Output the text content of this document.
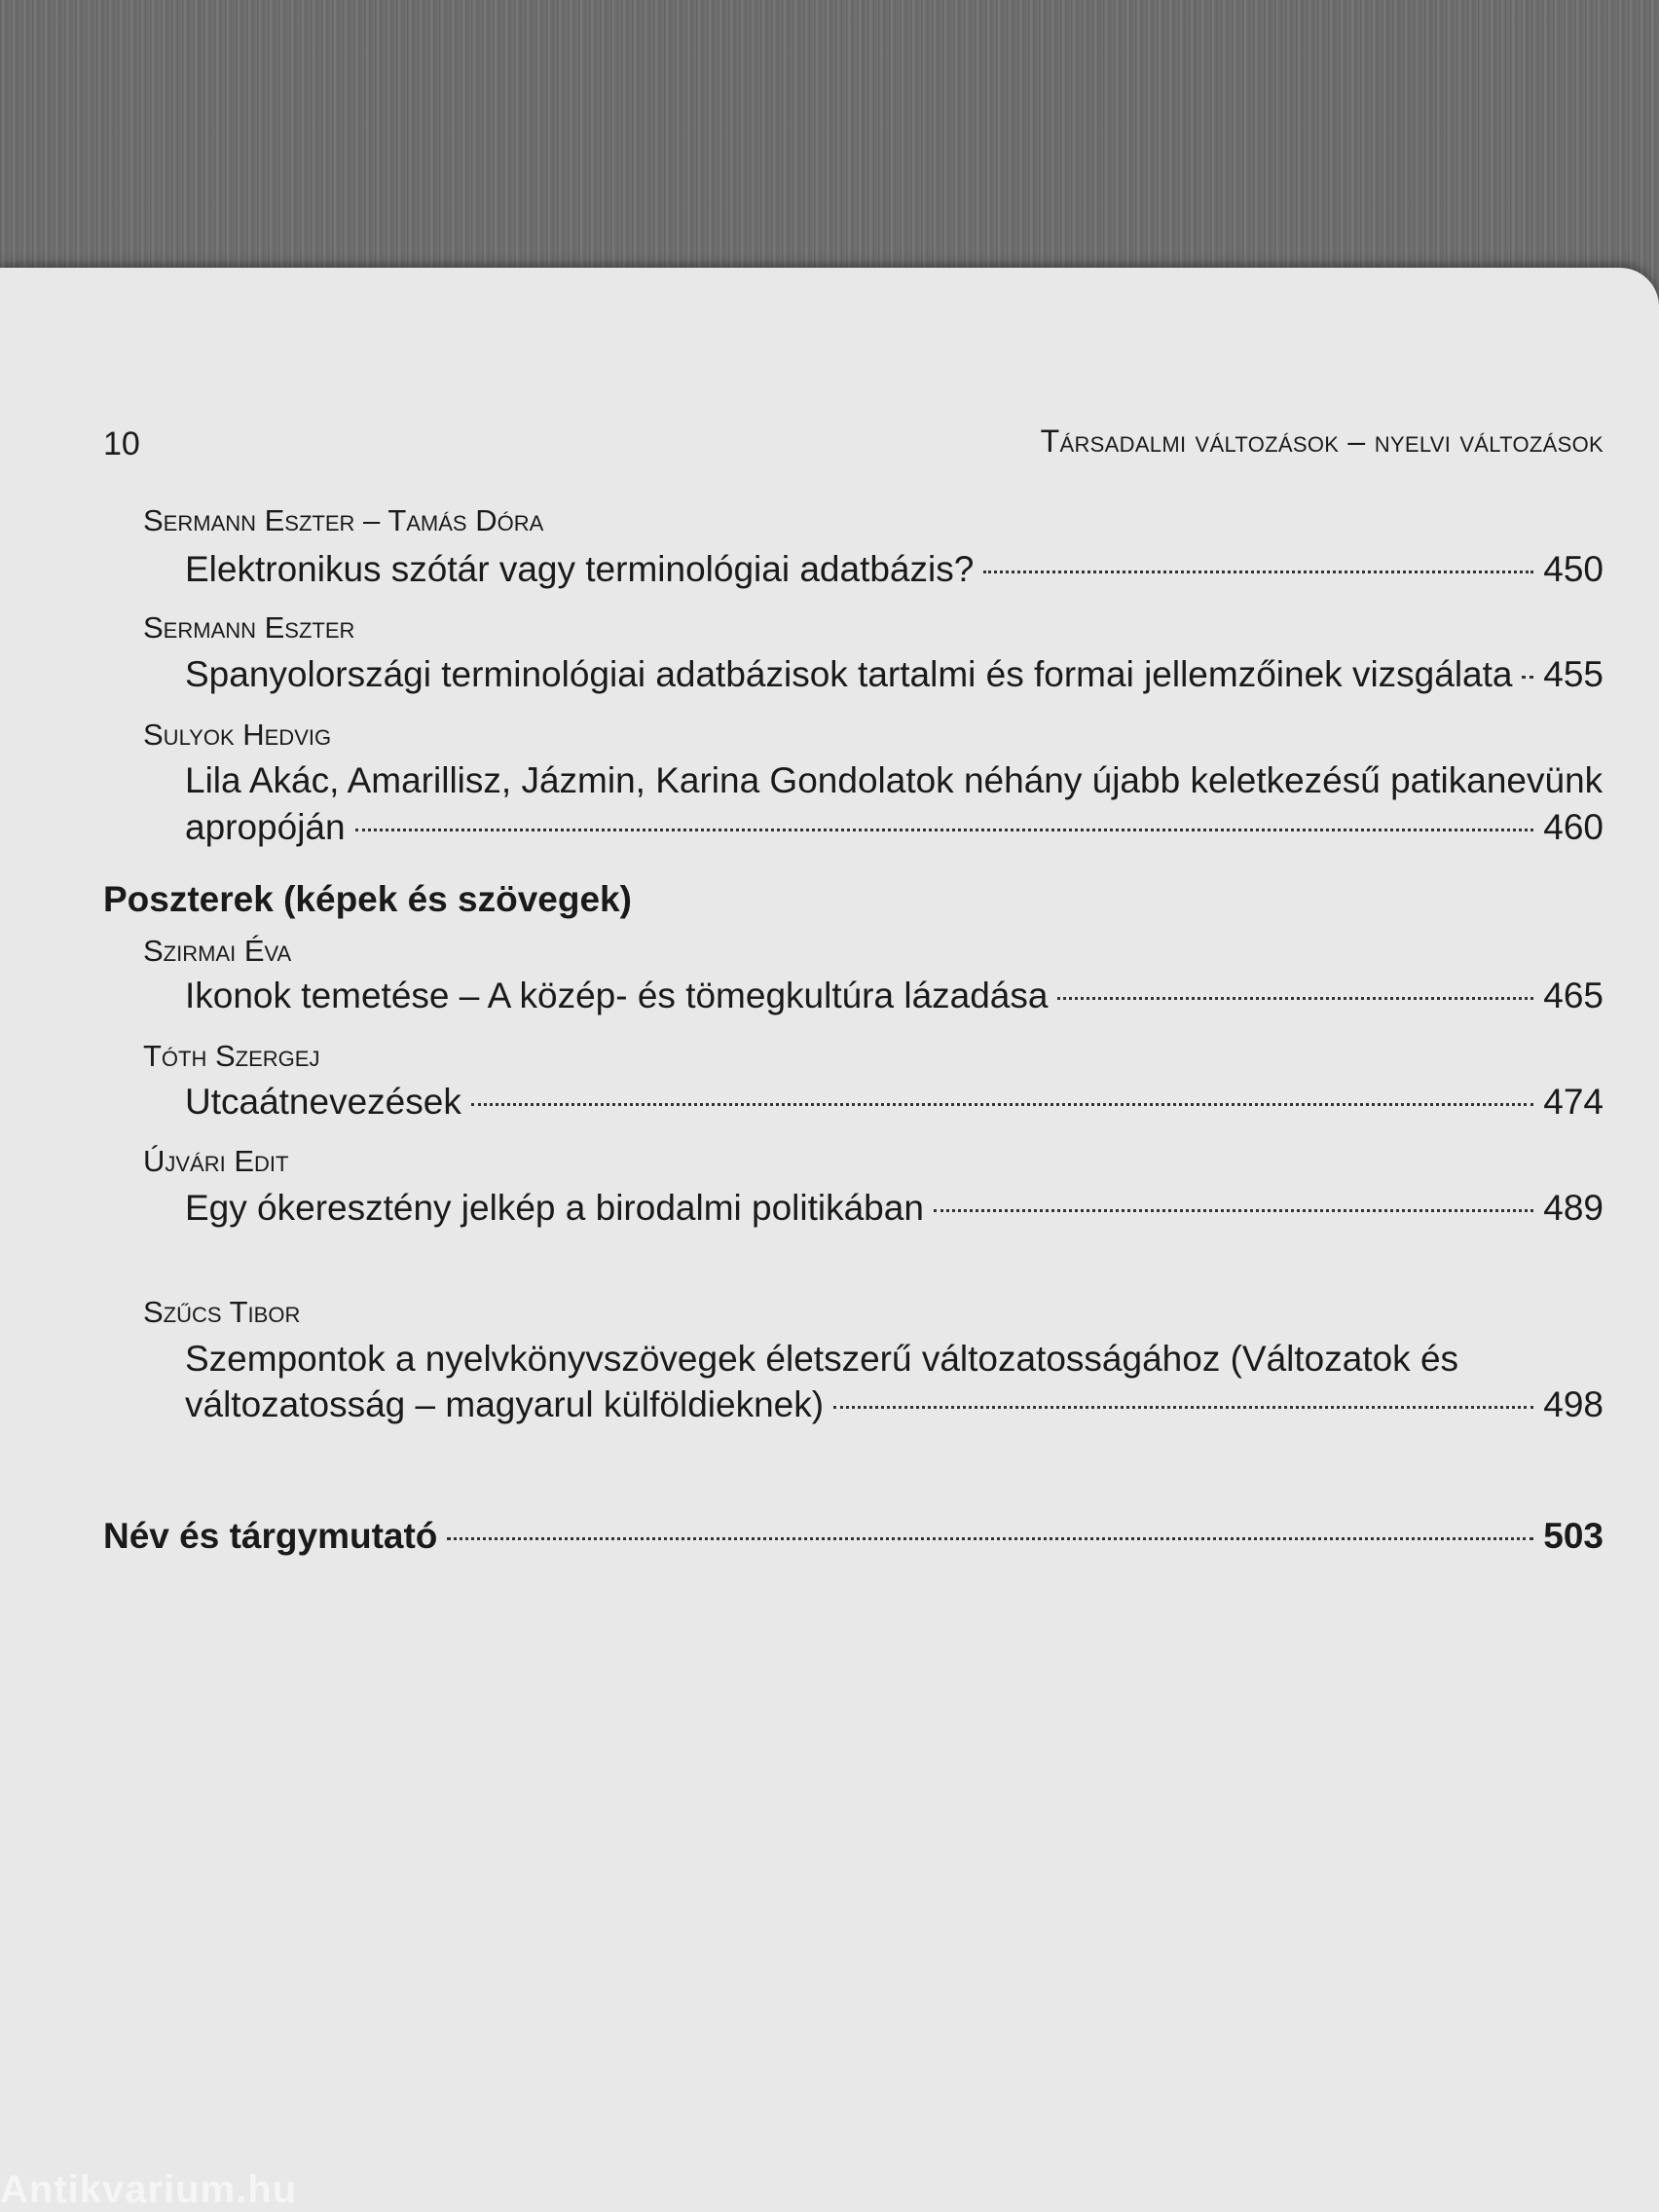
10	Társadalmi változások – nyelvi változások
Sermann Eszter – Tamás Dóra
Elektronikus szótár vagy terminológiai adatbázis?	450
Sermann Eszter
Spanyolországi terminológiai adatbázisok tartalmi és formai jellemzőinek vizsgálata 455
Sulyok Hedvig
Lila Akác, Amarillisz, Jázmin, Karina Gondolatok néhány újabb keletkezésű patikanevünk
apropóján	460
Poszterek (képek és szövegek)
Szirmai Éva
Ikonok temetése – A közép- és tömegkultúra lázadása	465
Tóth Szergej
Utcaátnevezések	474
Újvári Edit
Egy ókeresztény jelkép a birodalmi politikában	489
Szűcs Tibor
Szempontok a nyelvkönyvszövegek életszerű változatosságához (Változatok és
változatosság – magyarul külföldieknek)	498
Név és tárgymutató	503
Antikvarium.hu
